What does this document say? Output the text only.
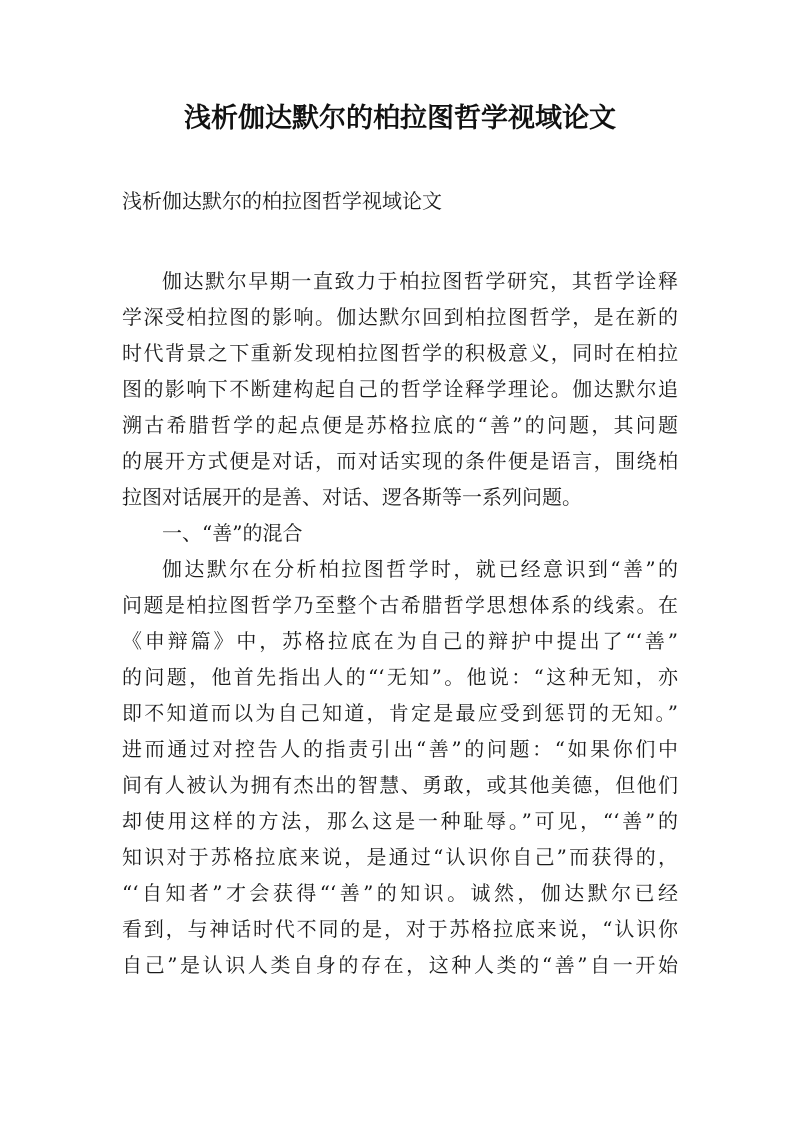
浅析伽达默尔的柏拉图哲学视域论文
浅析伽达默尔的柏拉图哲学视域论文
伽达默尔早期一直致力于柏拉图哲学研究，其哲学诠释
学深受柏拉图的影响。伽达默尔回到柏拉图哲学，是在新的
时代背景之下重新发现柏拉图哲学的积极意义，同时在柏拉
图的影响下不断建构起自己的哲学诠释学理论。伽达默尔追
溯古希腊哲学的起点便是苏格拉底的“善”的问题，其问题
的展开方式便是对话，而对话实现的条件便是语言，围绕柏
拉图对话展开的是善、对话、逻各斯等一系列问题。
一、“善”的混合
伽达默尔在分析柏拉图哲学时，就已经意识到“善”的
问题是柏拉图哲学乃至整个古希腊哲学思想体系的线索。在
《申辩篇》中，苏格拉底在为自己的辩护中提出了“‘善”
的问题，他首先指出人的“‘无知”。他说：“这种无知，亦
即不知道而以为自己知道，肯定是最应受到惩罚的无知。”
进而通过对控告人的指责引出“善”的问题：“如果你们中
间有人被认为拥有杰出的智慧、勇敢，或其他美德，但他们
却使用这样的方法，那么这是一种耻辱。”可见，“‘善”的
知识对于苏格拉底来说，是通过“认识你自己”而获得的，
“‘自知者”才会获得“‘善”的知识。诚然，伽达默尔已经
看到，与神话时代不同的是，对于苏格拉底来说，“认识你
自己”是认识人类自身的存在，这种人类的“善”自一开始
